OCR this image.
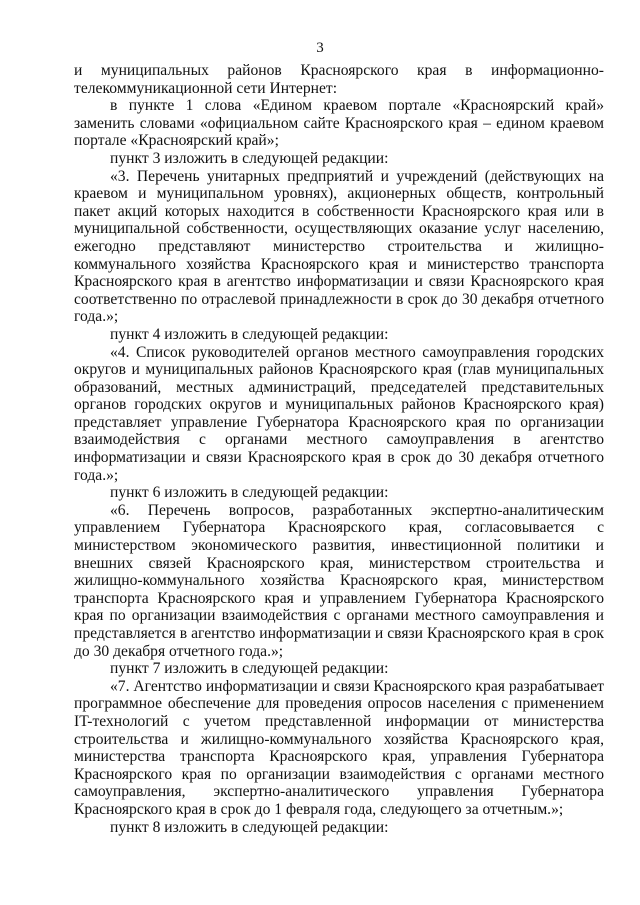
3

и муниципальных районов Красноярского края в информационно-телекоммуникационной сети Интернет:

в пункте 1 слова «Едином краевом портале «Красноярский край» заменить словами «официальном сайте Красноярского края – едином краевом портале «Красноярский край»;

пункт 3 изложить в следующей редакции:

«3. Перечень унитарных предприятий и учреждений (действующих на краевом и муниципальном уровнях), акционерных обществ, контрольный пакет акций которых находится в собственности Красноярского края или в муниципальной собственности, осуществляющих оказание услуг населению, ежегодно представляют министерство строительства и жилищно-коммунального хозяйства Красноярского края и министерство транспорта Красноярского края в агентство информатизации и связи Красноярского края соответственно по отраслевой принадлежности в срок до 30 декабря отчетного года.»;

пункт 4 изложить в следующей редакции:

«4. Список руководителей органов местного самоуправления городских округов и муниципальных районов Красноярского края (глав муниципальных образований, местных администраций, председателей представительных органов городских округов и муниципальных районов Красноярского края) представляет управление Губернатора Красноярского края по организации взаимодействия с органами местного самоуправления в агентство информатизации и связи Красноярского края в срок до 30 декабря отчетного года.»;

пункт 6 изложить в следующей редакции:

«6. Перечень вопросов, разработанных экспертно-аналитическим управлением Губернатора Красноярского края, согласовывается с министерством экономического развития, инвестиционной политики и внешних связей Красноярского края, министерством строительства и жилищно-коммунального хозяйства Красноярского края, министерством транспорта Красноярского края и управлением Губернатора Красноярского края по организации взаимодействия с органами местного самоуправления и представляется в агентство информатизации и связи Красноярского края в срок до 30 декабря отчетного года.»;

пункт 7 изложить в следующей редакции:

«7. Агентство информатизации и связи Красноярского края разрабатывает программное обеспечение для проведения опросов населения с применением IT-технологий с учетом представленной информации от министерства строительства и жилищно-коммунального хозяйства Красноярского края, министерства транспорта Красноярского края, управления Губернатора Красноярского края по организации взаимодействия с органами местного самоуправления, экспертно-аналитического управления Губернатора Красноярского края в срок до 1 февраля года, следующего за отчетным.»;

пункт 8 изложить в следующей редакции:
